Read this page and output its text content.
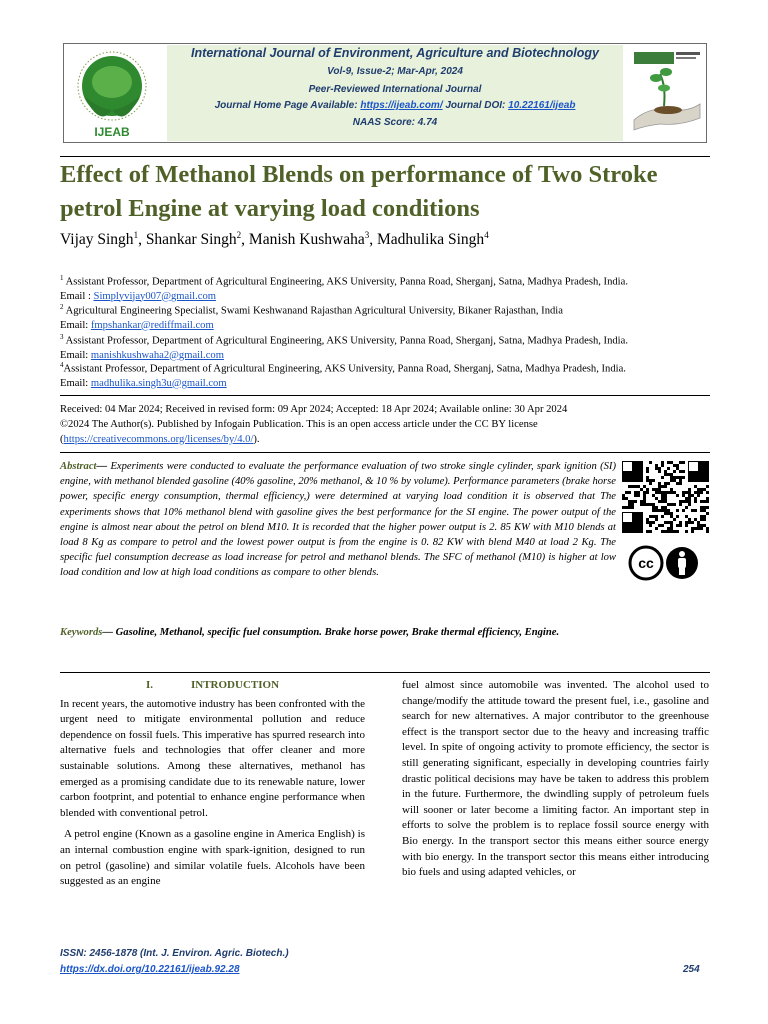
IJEAB
International Journal of Environment, Agriculture and Biotechnology
Vol-9, Issue-2; Mar-Apr, 2024
Peer-Reviewed International Journal
Journal Home Page Available: https://ijeab.com/ Journal DOI: 10.22161/ijeab
NAAS Score: 4.74
Effect of Methanol Blends on performance of Two Stroke petrol Engine at varying load conditions
Vijay Singh$^1$, Shankar Singh$^2$, Manish Kushwaha$^3$, Madhulika Singh$^4$
$^1$ Assistant Professor, Department of Agricultural Engineering, AKS University, Panna Road, Sherganj, Satna, Madhya Pradesh, India.
Email : Simplyvijay007@gmail.com
$^2$ Agricultural Engineering Specialist, Swami Keshwanand Rajasthan Agricultural University, Bikaner Rajasthan, India
Email: fmpshankar@rediffmail.com
$^3$ Assistant Professor, Department of Agricultural Engineering, AKS University, Panna Road, Sherganj, Satna, Madhya Pradesh, India.
Email: manishkushwaha2@gmail.com
$^4$Assistant Professor, Department of Agricultural Engineering, AKS University, Panna Road, Sherganj, Satna, Madhya Pradesh, India.
Email: madhulika.singh3u@gmail.com
Received: 04 Mar 2024; Received in revised form: 09 Apr 2024; Accepted: 18 Apr 2024; Available online: 30 Apr 2024
©2024 The Author(s). Published by Infogain Publication. This is an open access article under the CC BY license
(https://creativecommons.org/licenses/by/4.0/).
Abstract— Experiments were conducted to evaluate the performance evaluation of two stroke single cylinder, spark ignition (SI) engine, with methanol blended gasoline (40% gasoline, 20% methanol, & 10 % by volume). Performance parameters (brake horse power, specific energy consumption, thermal efficiency,) were determined at varying load condition it is observed that The experiments shows that 10% methanol blend with gasoline gives the best performance for the SI engine. The power output of the engine is almost near about the petrol on blend M10. It is recorded that the higher power output is 2. 85 KW with M10 blends at load 8 Kg as compare to petrol and the lowest power output is from the engine is 0. 82 KW with blend M40 at load 2 Kg. The specific fuel consumption decrease as load increase for petrol and methanol blends. The SFC of methanol (M10) is higher at low load condition and low at high load conditions as compare to other blends.
Keywords— Gasoline, Methanol, specific fuel consumption. Brake horse power, Brake thermal efficiency, Engine.
cc
I.	INTRODUCTION

In recent years, the automotive industry has been confronted with the urgent need to mitigate environmental pollution and reduce dependence on fossil fuels. This imperative has spurred research into alternative fuels and technologies that offer cleaner and more sustainable solutions. Among these alternatives, methanol has emerged as a promising candidate due to its renewable nature, lower carbon footprint, and potential to enhance engine performance when blended with conventional petrol.

A petrol engine (Known as a gasoline engine in America English) is an internal combustion engine with spark-ignition, designed to run on petrol (gasoline) and similar volatile fuels. Alcohols have been suggested as an engine

fuel almost since automobile was invented. The alcohol used to change/modify the attitude toward the present fuel, i.e., gasoline and search for new alternatives. A major contributor to the greenhouse effect is the transport sector due to the heavy and increasing traffic level. In spite of ongoing activity to promote efficiency, the sector is still generating significant, especially in developing countries fairly drastic political decisions may have be taken to address this problem in the future. Furthermore, the dwindling supply of petroleum fuels will sooner or later become a limiting factor. An important step in efforts to solve the problem is to replace fossil source energy with Bio energy. In the transport sector this means either source energy with bio energy. In the transport sector this means either introducing bio fuels and using adapted vehicles, or

ISSN: 2456-1878 (Int. J. Environ. Agric. Biotech.)
https://dx.doi.org/10.22161/ijeab.92.28	254
